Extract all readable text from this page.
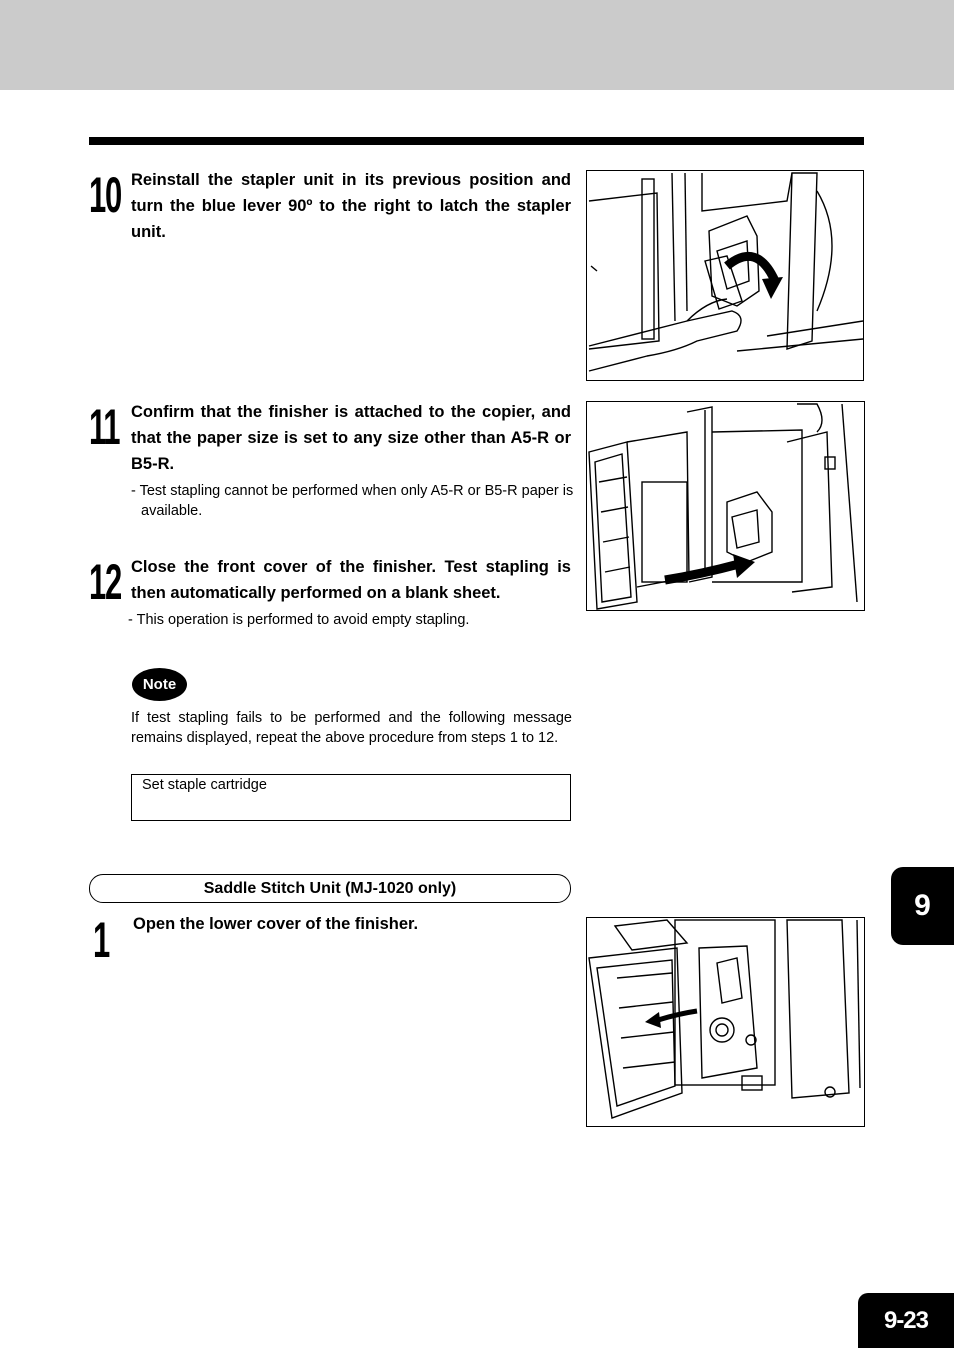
10 Reinstall the stapler unit in its previous position and turn the blue lever 90º to the right to latch the stapler unit.
11 Confirm that the finisher is attached to the copier, and that the paper size is set to any size other than A5-R or B5-R.
- Test stapling cannot be performed when only A5-R or B5-R paper is available.
12 Close the front cover of the finisher. Test stapling is then automatically performed on a blank sheet.
- This operation is performed to avoid empty stapling.
Note
If test stapling fails to be performed and the following message remains displayed, repeat the above procedure from steps 1 to 12.
Set staple cartridge
Saddle Stitch Unit (MJ-1020 only)
1 Open the lower cover of the finisher.
9
9-23
